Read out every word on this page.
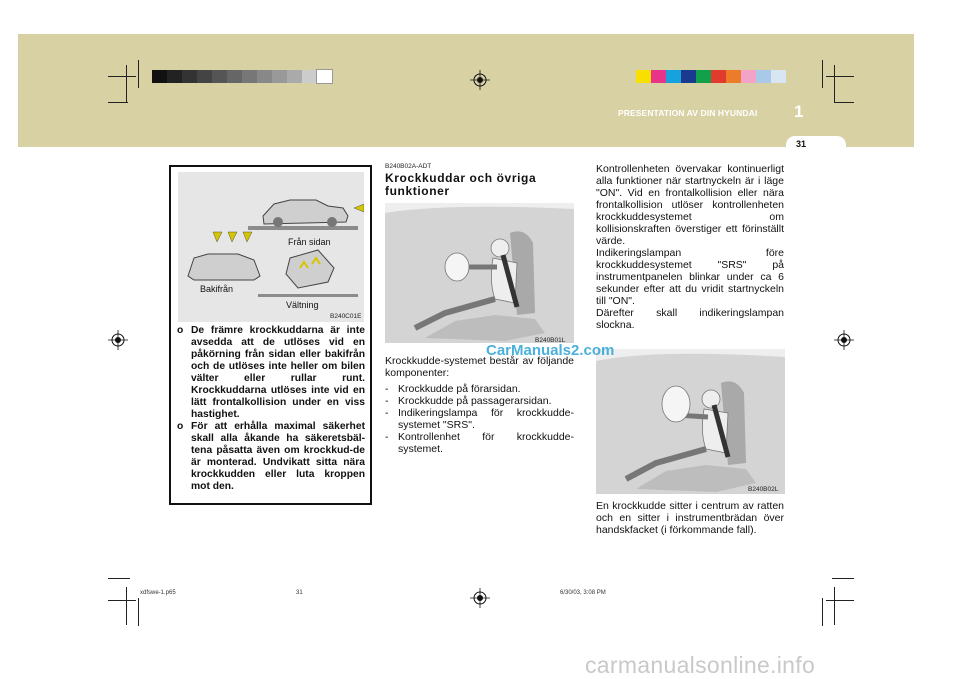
PRESENTATION AV DIN HYUNDAI 1
31
Från sidan
Bakifrån
Vältning
B240C01E
o De främre krockkuddarna är inte avsedda att de utlöses vid en påkörning från sidan eller bakifrån och de utlöses inte heller om bilen välter eller rullar runt. Krockkuddarna utlöses inte vid en lätt frontalkollision under en viss hastighet.
o För att erhålla maximal säkerhet skall alla åkande ha säkeretsbäl-tena påsatta även om krockkud-de är monterad. Undvikatt sitta nära krockkudden eller luta kroppen mot den.
B240B02A-ADT
Krockkuddar och övriga funktioner
B240B01L
Krockkudde-systemet består av följande komponenter:
- Krockkudde på förarsidan.
- Krockkudde på passagerarsidan.
- Indikeringslampa för krockkudde-systemet "SRS".
- Kontrollenhet för krockkudde-systemet.
Kontrollenheten övervakar kontinuerligt alla funktioner när startnyckeln är i läge "ON". Vid en frontalkollision eller nära frontalkollision utlöser kontrollenheten krockkuddesystemet om kollisionskraften överstiger ett förinställt värde.
Indikeringslampan före krockkuddesystemet "SRS" på instrumentpanelen blinkar under ca 6 sekunder efter att du vridit startnyckeln till "ON".
Därefter skall indikeringslampan slockna.
B240B02L
En krockkudde sitter i centrum av ratten och en sitter i instrumentbrädan över handskfacket (i förkommande fall).
CarManuals2.com
xdfswe-1.p65	31	6/30/03, 3:08 PM
carmanualsonline.info
